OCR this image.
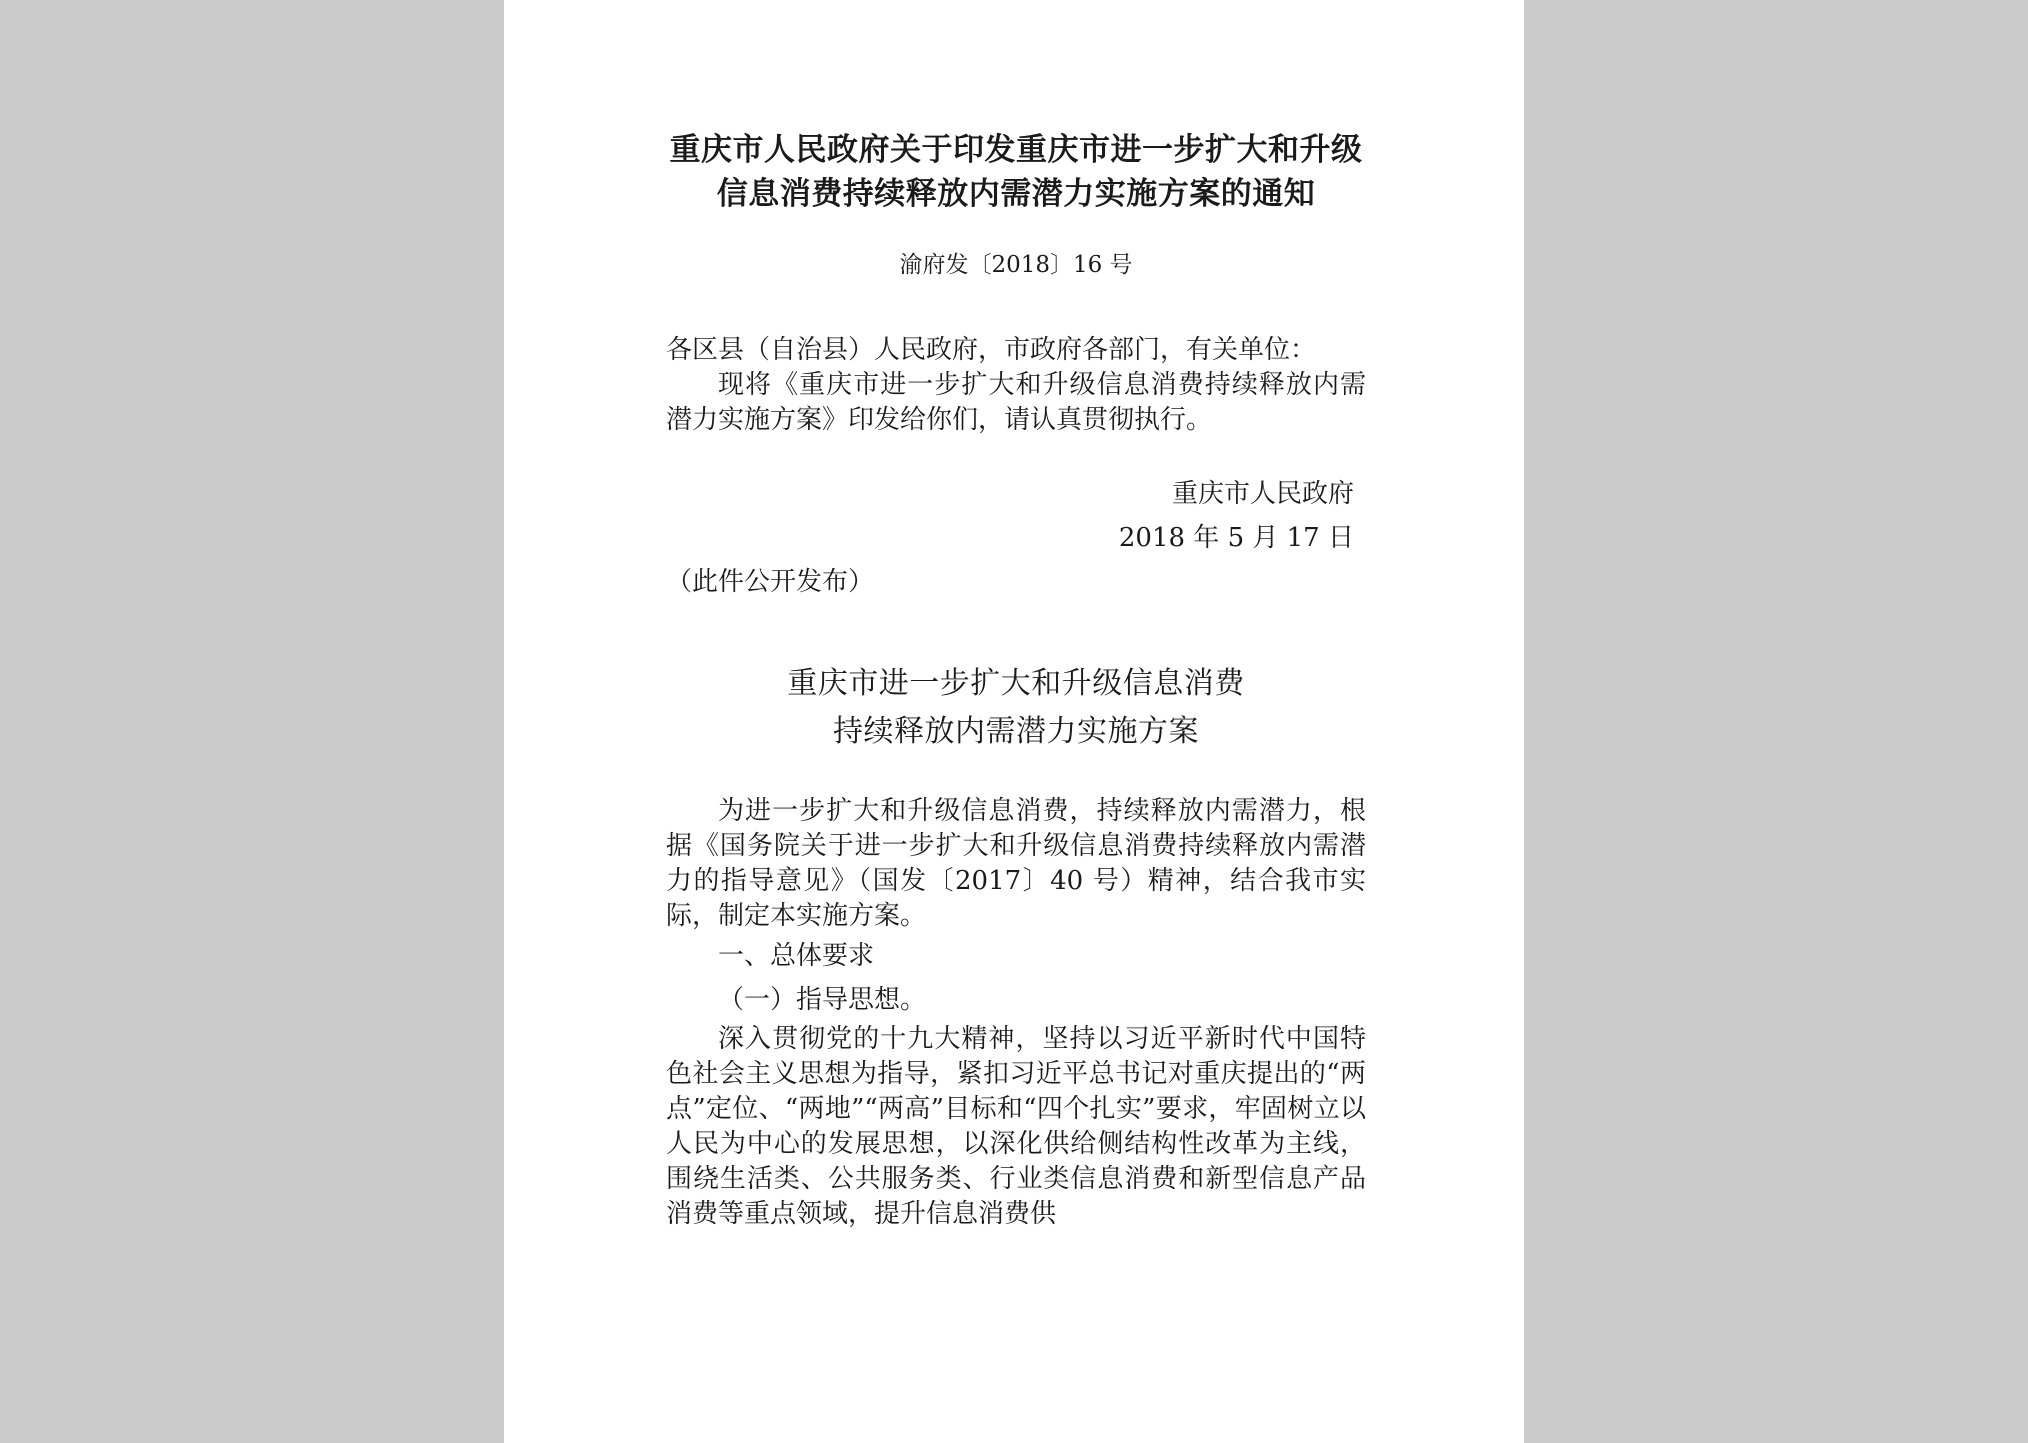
重庆市人民政府关于印发重庆市进一步扩大和升级

信息消费持续释放内需潜力实施方案的通知

渝府发〔2018〕16 号
各区县（自治县）人民政府，市政府各部门，有关单位：

现将《重庆市进一步扩大和升级信息消费持续释放内需潜力实施方案》印发给你们，请认真贯彻执行。

重庆市人民政府
2018 年 5 月 17 日
（此件公开发布）

重庆市进一步扩大和升级信息消费

持续释放内需潜力实施方案

为进一步扩大和升级信息消费，持续释放内需潜力，根据《国务院关于进一步扩大和升级信息消费持续释放内需潜力的指导意见》（国发〔2017〕40 号）精神，结合我市实际，制定本实施方案。

一、总体要求

（一）指导思想。

深入贯彻党的十九大精神，坚持以习近平新时代中国特色社会主义思想为指导，紧扣习近平总书记对重庆提出的“两点”定位、“两地”“两高”目标和“四个扎实”要求，牢固树立以人民为中心的发展思想，以深化供给侧结构性改革为主线，围绕生活类、公共服务类、行业类信息消费和新型信息产品消费等重点领域，提升信息消费供
